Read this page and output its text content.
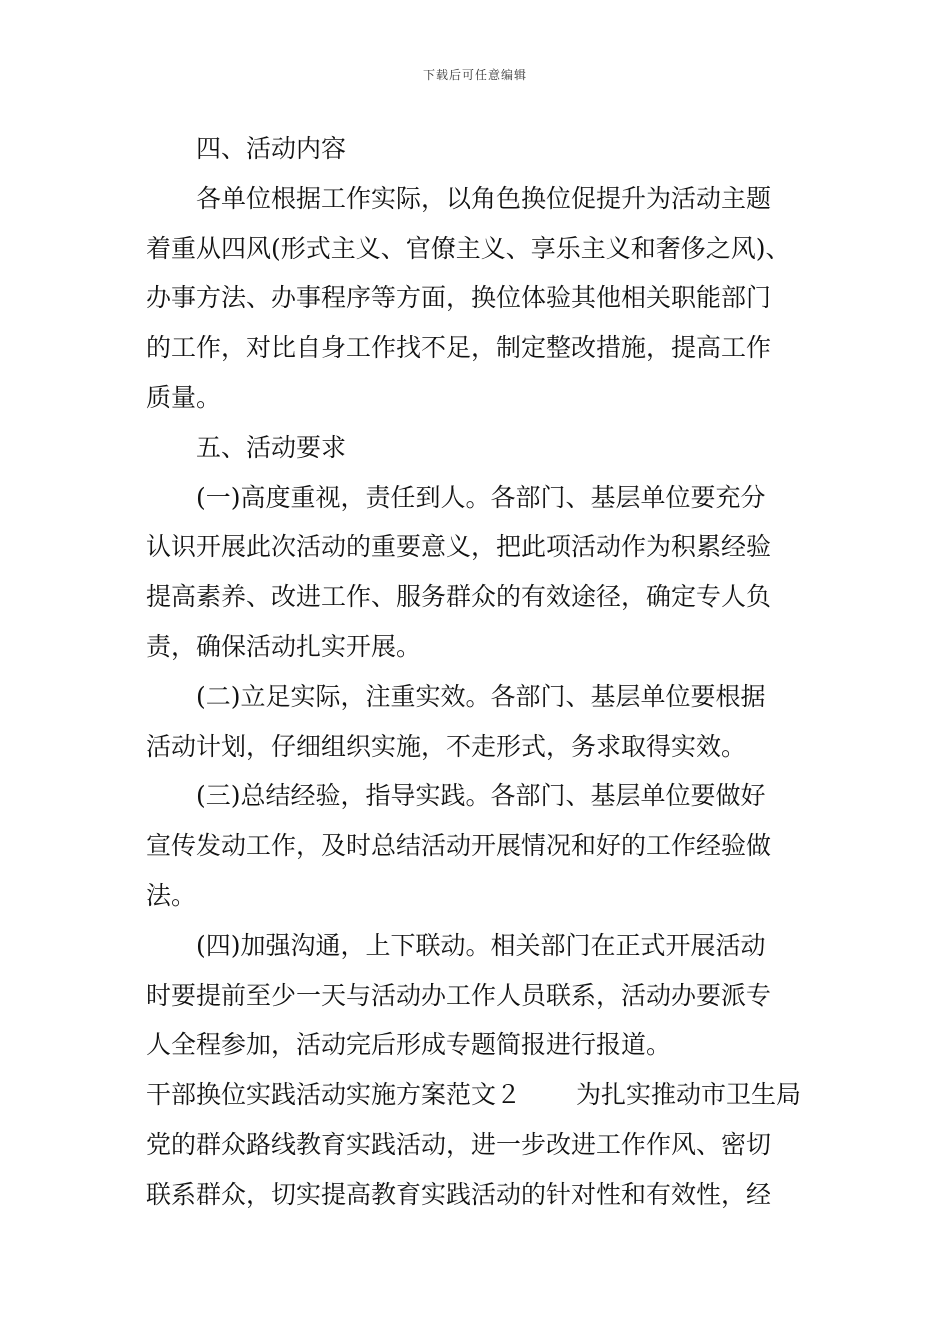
下载后可任意编辑
四、活动内容
各单位根据工作实际，以角色换位促提升为活动主题
着重从四风(形式主义、官僚主义、享乐主义和奢侈之风)、
办事方法、办事程序等方面，换位体验其他相关职能部门
的工作，对比自身工作找不足，制定整改措施，提高工作
质量。
五、活动要求
(一)高度重视，责任到人。各部门、基层单位要充分
认识开展此次活动的重要意义，把此项活动作为积累经验
提高素养、改进工作、服务群众的有效途径，确定专人负
责，确保活动扎实开展。
(二)立足实际，注重实效。各部门、基层单位要根据
活动计划，仔细组织实施，不走形式，务求取得实效。
(三)总结经验，指导实践。各部门、基层单位要做好
宣传发动工作，及时总结活动开展情况和好的工作经验做
法。
(四)加强沟通，上下联动。相关部门在正式开展活动
时要提前至少一天与活动办工作人员联系，活动办要派专
人全程参加，活动完后形成专题简报进行报道。
干部换位实践活动实施方案范文２ 为扎实推动市卫生局
党的群众路线教育实践活动，进一步改进工作作风、密切
联系群众，切实提高教育实践活动的针对性和有效性，经
